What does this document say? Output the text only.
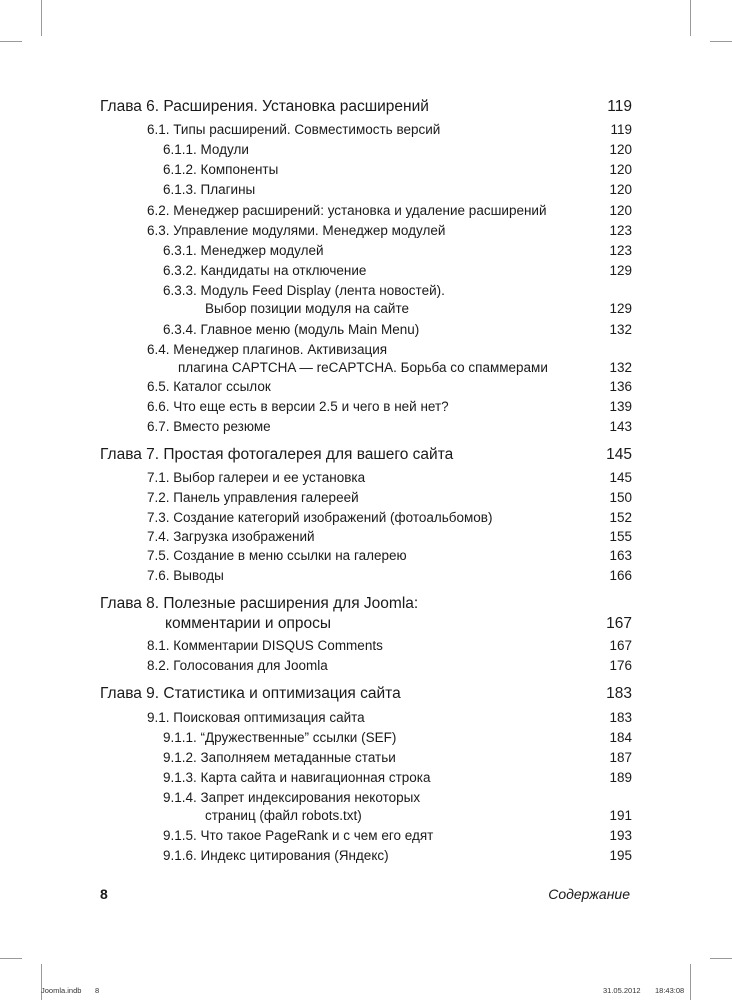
Глава 6. Расширения. Установка расширений	119
6.1. Типы расширений. Совместимость версий	119
6.1.1. Модули	120
6.1.2. Компоненты	120
6.1.3. Плагины	120
6.2. Менеджер расширений: установка и удаление расширений	120
6.3. Управление модулями. Менеджер модулей	123
6.3.1. Менеджер модулей	123
6.3.2. Кандидаты на отключение	129
6.3.3. Модуль Feed Display (лента новостей).
Выбор позиции модуля на сайте	129
6.3.4. Главное меню (модуль Main Menu)	132
6.4. Менеджер плагинов. Активизация
плагина CAPTCHA — reCAPTCHA. Борьба со спаммерами	132
6.5. Каталог ссылок	136
6.6. Что еще есть в версии 2.5 и чего в ней нет?	139
6.7. Вместо резюме	143
Глава 7. Простая фотогалерея для вашего сайта	145
7.1. Выбор галереи и ее установка	145
7.2. Панель управления галереей	150
7.3. Создание категорий изображений (фотоальбомов)	152
7.4. Загрузка изображений	155
7.5. Создание в меню ссылки на галерею	163
7.6. Выводы	166
Глава 8. Полезные расширения для Joomla:
комментарии и опросы	167
8.1. Комментарии DISQUS Comments	167
8.2. Голосования для Joomla	176
Глава 9. Статистика и оптимизация сайта	183
9.1. Поисковая оптимизация сайта	183
9.1.1. “Дружественные” ссылки (SEF)	184
9.1.2. Заполняем метаданные статьи	187
9.1.3. Карта сайта и навигационная строка	189
9.1.4. Запрет индексирования некоторых
страниц (файл robots.txt)	191
9.1.5. Что такое PageRank и с чем его едят	193
9.1.6. Индекс цитирования (Яндекс)	195
8	Содержание
Joomla.indb 8	31.05.2012 18:43:08
